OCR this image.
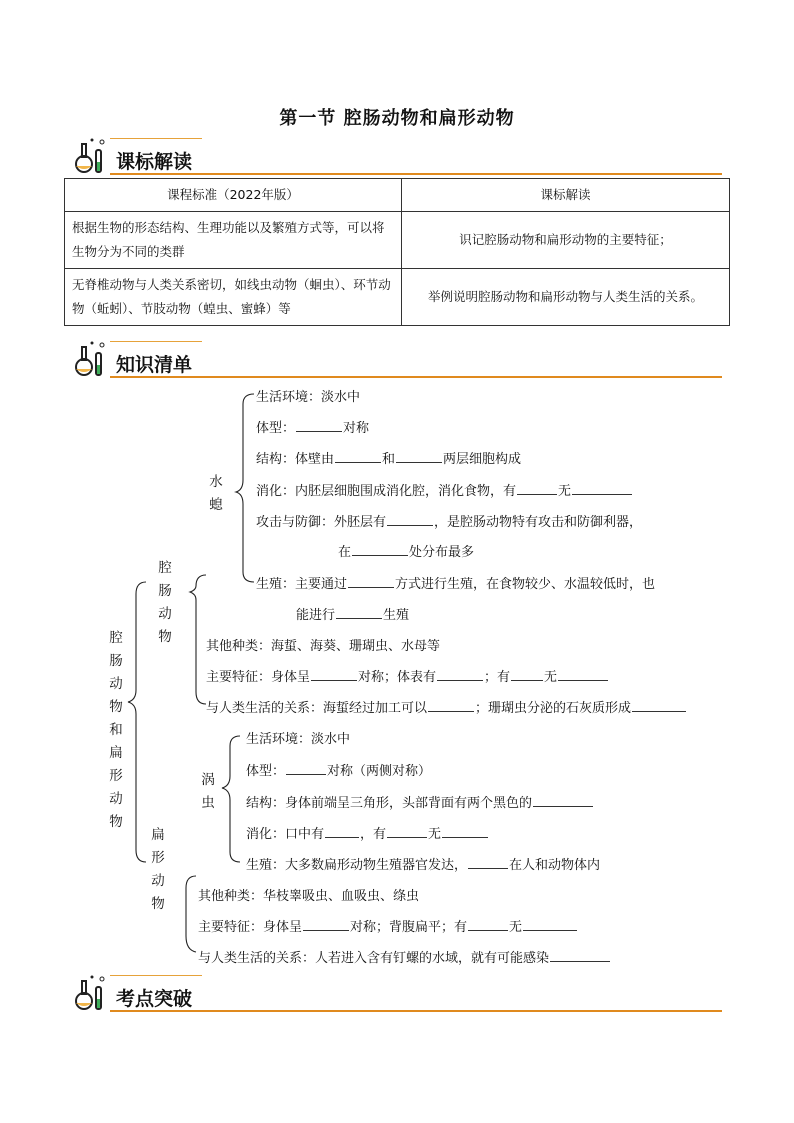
第一节 腔肠动物和扁形动物
课标解读
课程标准（2022年版）	课标解读
根据生物的形态结构、生理功能以及繁殖方式等，可以将生物分为不同的类群	识记腔肠动物和扁形动物的主要特征；
无脊椎动物与人类关系密切，如线虫动物（蛔虫）、环节动物（蚯蚓）、节肢动物（蝗虫、蜜蜂）等	举例说明腔肠动物和扁形动物与人类生活的关系。
知识清单
腔肠动物和扁形动物
腔肠动物
水螅
扁形动物
涡虫
生活环境：淡水中
体型：	对称
结构：体壁由	和	两层细胞构成
消化：内胚层细胞围成消化腔，消化食物，有	无
攻击与防御：外胚层有	，是腔肠动物特有攻击和防御利器，
在	处分布最多
生殖：主要通过	方式进行生殖，在食物较少、水温较低时，也
能进行	生殖
其他种类：海蜇、海葵、珊瑚虫、水母等
主要特征：身体呈	对称；体表有	；有	无
与人类生活的关系：海蜇经过加工可以	；珊瑚虫分泌的石灰质形成
生活环境：淡水中
体型：	对称（两侧对称）
结构：身体前端呈三角形，头部背面有两个黑色的
消化：口中有	，有	无
生殖：大多数扁形动物生殖器官发达，	在人和动物体内
其他种类：华枝睾吸虫、血吸虫、绦虫
主要特征：身体呈	对称；背腹扁平；有	无
与人类生活的关系：人若进入含有钉螺的水域，就有可能感染
考点突破
